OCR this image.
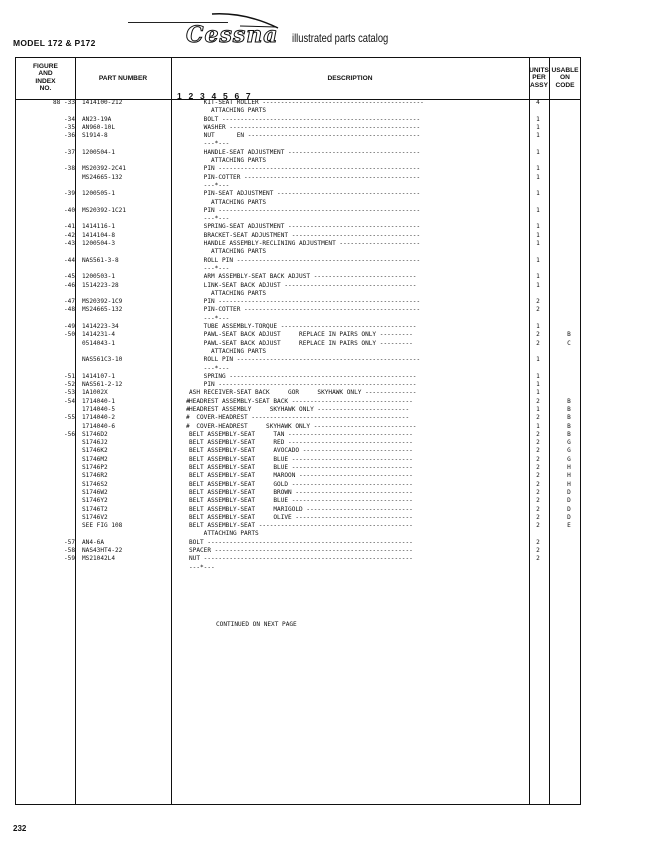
MODEL 172 & P172	Cessna illustrated parts catalog
FIGURE
AND
INDEX
NO.
PART NUMBER	DESCRIPTION
1 2 3 4 5 6 7
UNITS
PER
ASSY
USABLE
ON
CODE
88 -33

-34
-35
-36

-37

-38

-39

-40

-41
-42
-43

-44

-45
-46

-47
-48

-49
-50

-51
-52
-53
-54

-55

-56

-57
-58
-59

1414100-212

AN23-19A
AN960-10L
S1914-8

1200504-1

MS20392-2C41
MS24665-132

1200505-1

MS20392-1C21

1414116-1
1414104-8
1200504-3

NAS561-3-8

1200503-1
1514223-28

MS20392-1C9
MS24665-132

1414223-34
1414231-4
0514043-1

NAS561C3-10

1414107-1
NAS561-2-12
1A1002X
1714040-1
1714040-5
1714040-2
1714040-6
S1746D2
S1746J2
S1746K2
S1746M2
S1746P2
S1746R2
S1746S2
S1746W2
S1746Y2
S1746T2
S1746V2
SEE FIG 108

AN4-6A
NAS43HT4-22
MS21042L4

#
#
#
#

KIT-SEAT ROLLER --------------------------------------------
ATTACHING PARTS
BOLT ------------------------------------------------------
WASHER ----------------------------------------------------
NUT      EN -----------------------------------------------
---*---
HANDLE-SEAT ADJUSTMENT ------------------------------------
ATTACHING PARTS
PIN -------------------------------------------------------
PIN-COTTER ------------------------------------------------
---*---
PIN-SEAT ADJUSTMENT ---------------------------------------
ATTACHING PARTS
PIN -------------------------------------------------------
---*---
SPRING-SEAT ADJUSTMENT ------------------------------------
BRACKET-SEAT ADJUSTMENT -----------------------------------
HANDLE ASSEMBLY-RECLINING ADJUSTMENT ----------------------
ATTACHING PARTS
ROLL PIN --------------------------------------------------
---*---
ARM ASSEMBLY-SEAT BACK ADJUST ----------------------------
LINK-SEAT BACK ADJUST ------------------------------------
ATTACHING PARTS
PIN -------------------------------------------------------
PIN-COTTER ------------------------------------------------
---*---
TUBE ASSEMBLY-TORQUE -------------------------------------
PAWL-SEAT BACK ADJUST     REPLACE IN PAIRS ONLY ---------
PAWL-SEAT BACK ADJUST     REPLACE IN PAIRS ONLY ---------
ATTACHING PARTS
ROLL PIN --------------------------------------------------
---*---
SPRING ---------------------------------------------------
PIN ------------------------------------------------------
ASH RECEIVER-SEAT BACK     GOR     SKYHAWK ONLY --------------
HEADREST ASSEMBLY-SEAT BACK ---------------------------------
HEADREST ASSEMBLY     SKYHAWK ONLY -------------------------
COVER-HEADREST -------------------------------------------
COVER-HEADREST     SKYHAWK ONLY ----------------------------
BELT ASSEMBLY-SEAT     TAN ----------------------------------
BELT ASSEMBLY-SEAT     RED ----------------------------------
BELT ASSEMBLY-SEAT     AVOCADO ------------------------------
BELT ASSEMBLY-SEAT     BLUE ---------------------------------
BELT ASSEMBLY-SEAT     BLUE ---------------------------------
BELT ASSEMBLY-SEAT     MAROON -------------------------------
BELT ASSEMBLY-SEAT     GOLD ---------------------------------
BELT ASSEMBLY-SEAT     BROWN --------------------------------
BELT ASSEMBLY-SEAT     BLUE ---------------------------------
BELT ASSEMBLY-SEAT     MARIGOLD -----------------------------
BELT ASSEMBLY-SEAT     OLIVE --------------------------------
BELT ASSEMBLY-SEAT ------------------------------------------
ATTACHING PARTS
BOLT --------------------------------------------------------
SPACER ------------------------------------------------------
NUT ---------------------------------------------------------
---*---
4

1
1
1

1

1
1

1

1

1
1
1

1

1
1

2
2

1
2
2

1

1
1
1
2
1
2
1
2
2
2
2
2
2
2
2
2
2
2
2

2
2
2

B
C

B
B
B
B
B
G
G
G
H
H
H
D
D
D
D
E

CONTINUED ON NEXT PAGE
232
